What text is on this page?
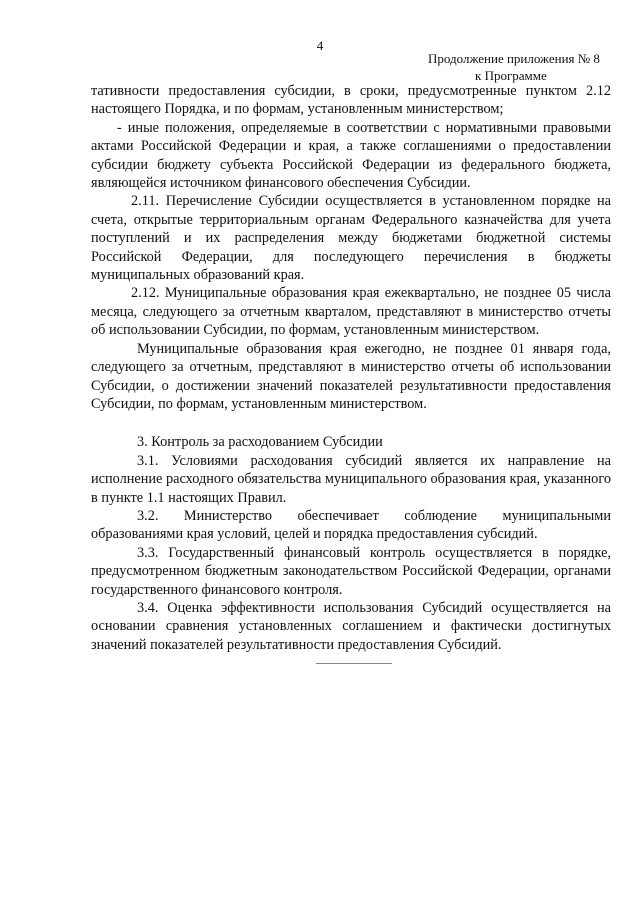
4
Продолжение приложения № 8
к Программе

тативности предоставления субсидии, в сроки, предусмотренные пунктом 2.12 настоящего Порядка, и по формам, установленным министерством;

- иные положения, определяемые в соответствии с нормативными правовыми актами Российской Федерации и края, а также соглашениями о предоставлении субсидии бюджету субъекта Российской Федерации из федерального бюджета, являющейся источником финансового обеспечения Субсидии.

2.11. Перечисление Субсидии осуществляется в установленном порядке на счета, открытые территориальным органам Федерального казначейства для учета поступлений и их распределения между бюджетами бюджетной системы Российской Федерации, для последующего перечисления в бюджеты муниципальных образований края.

2.12. Муниципальные образования края ежеквартально, не позднее 05 числа месяца, следующего за отчетным кварталом, представляют в министерство отчеты об использовании Субсидии, по формам, установленным министерством.

Муниципальные образования края ежегодно, не позднее 01 января года, следующего за отчетным, представляют в министерство отчеты об использовании Субсидии, о достижении значений показателей результативности предоставления Субсидии, по формам, установленным министерством.

3. Контроль за расходованием Субсидии

3.1. Условиями расходования субсидий является их направление на исполнение расходного обязательства муниципального образования края, указанного в пункте 1.1 настоящих Правил.

3.2. Министерство обеспечивает соблюдение муниципальными образованиями края условий, целей и порядка предоставления субсидий.

3.3. Государственный финансовый контроль осуществляется в порядке, предусмотренном бюджетным законодательством Российской Федерации, органами государственного финансового контроля.

3.4. Оценка эффективности использования Субсидий осуществляется на основании сравнения установленных соглашением и фактически достигнутых значений показателей результативности предоставления Субсидий.
